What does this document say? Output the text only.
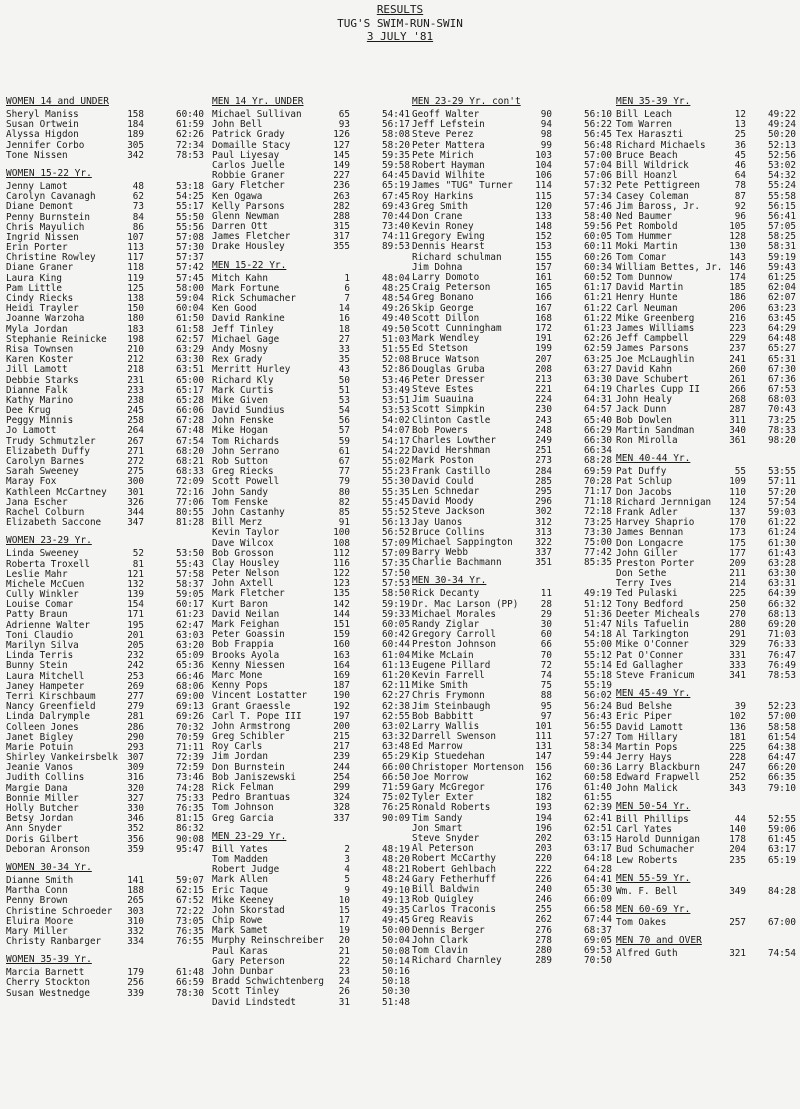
RESULTS
TUG'S SWIM-RUN-SWIN
3 JULY '81
WOMEN 14 and UNDER
Sheryl Maniss	158	60:40
Susan Ortwein	184	61:59
Alyssa Higdon	189	62:26
Jennifer Corbo	305	72:34
Tone Nissen	342	78:53
WOMEN 15-22 Yr.
Jenny Lamot	48	53:18
Carolyn Cavanagh	62	54:25
Diane Demont	73	55:17
Penny Burnstein	84	55:50
Chris Mayulich	86	55:56
Ingrid Nissen	107	57:08
Erin Porter	113	57:30
Christine Rowley	117	57:37
Diane Graner	118	57:42
Laura King	119	57:45
Pam Little	125	58:00
Cindy Riecks	138	59:04
Heidi Trayler	150	60:04
Joanne Warzoha	180	61:50
Myla Jordan	183	61:58
Stephanie Reinicke	198	62:57
Risa Townsen	210	63:29
Karen Koster	212	63:30
Jill Lamott	218	63:51
Debbie Starks	231	65:00
Dianne Falk	233	65:17
Kathy Marino	238	65:28
Dee Krug	245	66:06
Peggy Minnis	258	67:28
Jo Lamott	264	67:48
Trudy Schmutzler	267	67:54
Elizabeth Duffy	271	68:20
Carolyn Barnes	272	68:21
Sarah Sweeney	275	68:33
Maray Fox	300	72:09
Kathleen McCartney	301	72:16
Jana Escher	326	77:06
Rachel Colburn	344	80:55
Elizabeth Saccone	347	81:28
WOMEN 23-29 Yr.
Linda Sweeney	52	53:50
Roberta Troxell	81	55:43
Leslie Mahr	121	57:58
Michele McCuen	132	58:37
Cully Winkler	139	59:05
Louise Comar	154	60:17
Patty Braun	171	61:23
Adrienne Walter	195	62:47
Toni Claudio	201	63:03
Marilyn Silva	205	63:20
Linda Terris	232	65:09
Bunny Stein	242	65:36
Laura Mitchell	253	66:46
Janey Hampeter	269	68:06
Terri Kirschbaum	277	69:00
Nancy Greenfield	279	69:13
Linda Dalrymple	281	69:26
Colleen Jones	286	70:32
Janet Bigley	290	70:59
Marie Potuin	293	71:11
Shirley Vankeirsbelk 307	72:39
Jeanie Vanos	309	72:59
Judith Collins	316	73:46
Margie Dana	320	74:28
Bonnie Miller	327	75:33
Holly Butcher	330	76:35
Betsy Jordan	346	81:15
Ann Snyder	352	86:32
Doris Gilbert	356	90:08
Deboran Aronson	359	95:47
WOMEN 30-34 Yr.
Dianne Smith	141	59:07
Martha Conn	188	62:15
Penny Brown	265	67:52
Christine Schroeder	303	72:22
Eluira Moore	310	73:05
Mary Miller	332	76:35
Christy Ranbarger	334	76:55
WOMEN 35-39 Yr.
Marcia Barnett	179	61:48
Cherry Stockton	256	66:59
Susan Westnedge	339	78:30
MEN 14 Yr. UNDER
Michael Sullivan	65	54:41
John Bell	93	56:17
Patrick Grady	126	58:08
Domaille Stacy	127	58:20
Paul Liyesay	145	59:35
Carlos Juelle	149	59:58
Robbie Graner	227	64:45
Gary Fletcher	236	65:19
Ken Ogawa	263	67:45
Kelly Parsons	282	69:43
Glenn Newman	288	70:44
Darren Ott	315	73:40
James Fletcher	317	74:11
Drake Housley	355	89:53
MEN 15-22 Yr.
Mitch Kahn	1	48:04
Mark Fortune	6	48:25
Rick Schumacher	7	48:54
Ken Good	14	49:26
David Rankine	16	49:40
Jeff Tinley	18	49:50
Michael Gage	27	51:03
Andy Mosny	33	51:55
Rex Grady	35	52:08
Merritt Hurley	43	52:86
Richard Kly	50	53:46
Mark Curtis	51	53:49
Mike Given	53	53:51
David Sundius	54	53:53
John Fenske	56	54:02
Mike Hogan	57	54:07
Tom Richards	59	54:17
John Serrano	61	54:22
Rob Sutton	67	55:02
Greg Riecks	77	55:23
Scott Powell	79	55:30
John Sandy	80	55:35
Tom Fenske	82	55:45
John Castanhy	85	55:52
Bill Merz	91	56:13
Kevin Taylor	100	56:52
Dave Wilcox	108	57:09
Bob Grosson	112	57:09
Clay Housley	116	57:35
Peter Nelson	122	57:50
John Axtell	123	57:53
Mark Fletcher	135	58:50
Kurt Baron	142	59:19
David Neilan	144	59:33
Mark Feighan	151	60:05
Peter Goassin	159	60:42
Bob Frappia	160	60:44
Brooks Ayola	163	61:04
Kenny Niessen	164	61:13
Marc Mone	169	61:20
Kenny Pops	187	62:11
Vincent Lostatter	190	62:27
Grant Graessle	192	62:38
Carl T. Pope III	197	62:55
John Armstrong	200	63:02
Greg Schibler	215	63:32
Roy Carls	217	63:48
Jim Jordan	239	65:29
Don Burnstein	244	66:00
Bob Janiszewski	254	66:50
Rick Felman	299	71:59
Pedro Brantuas	324	75:02
Tom Johnson	328	76:25
Greg Garcia	337	90:09
MEN 23-29 Yr.
Bill Yates	2	48:19
Tom Madden	3	48:20
Robert Judge	4	48:21
Mark Allen	5	48:24
Eric Taque	9	49:10
Mike Keeney	10	49:13
John Skorstad	15	49:35
Chip Rowe	17	49:45
Mark Samet	19	50:00
Murphy Reinschreiber	20	50:04
Paul Karas	21	50:08
Gary Peterson	22	50:14
John Dunbar	23	50:16
Bradd Schwichtenberg	24	50:18
Scott Tinley	26	50:30
David Lindstedt	31	51:48
MEN 23-29 Yr. con't
Geoff Walter	90	56:10
Jeff Lefstein	94	56:22
Steve Perez	98	56:45
Peter Mattera	99	56:48
Pete Mirich	103	57:00
Robert Hayman	104	57:04
David Wilhite	106	57:06
James "TUG" Turner	114	57:32
Roy Harkins	115	57:34
Greg Smith	120	57:46
Don Crane	133	58:40
Kevin Roney	148	59:56
Gregory Ewing	152	60:05
Dennis Hearst	153	60:11
Richard schulman	155	60:26
Jim Dohna	157	60:34
Larry Domoto	161	60:52
Craig Peterson	165	61:17
Greg Bonano	166	61:21
Skip George	167	61:22
Scott Dillon	168	61:22
Scott Cunningham	172	61:23
Mark Wendley	191	62:26
Ed Stetson	199	62:59
Bruce Watson	207	63:25
Douglas Gruba	208	63:27
Peter Dresser	213	63:30
Steve Estes	221	64:19
Jim Suauina	224	64:31
Scott Simpkin	230	64:57
Clinton Castle	243	65:40
Bob Powers	248	66:29
Charles Lowther	249	66:30
David Hershman	251	66:34
Mark Poston	273	68:28
Frank Castillo	284	69:59
David Could	285	70:28
Len Schnedar	295	71:17
David Moody	296	71:18
Steve Jackson	302	72:18
Jay Uanos	312	73:25
Bruce Collins	313	73:30
Michael Sappington	322	75:00
Barry Webb	337	77:42
Charlie Bachmann	351	85:35
MEN 30-34 Yr.
Rick Decanty	11	49:19
Dr. Mac Larson (PP)	28	51:12
Michael Morales	29	51:36
Randy Ziglar	30	51:47
Gregory Carroll	60	54:18
Preston Johnson	66	55:00
Mike McLain	70	55:12
Eugene Pillard	72	55:14
Kevin Farrell	74	55:18
Mike Smith	75	55:19
Chris Frymonn	88	56:02
Jim Steinbaugh	95	56:24
Bob Babbitt	97	56:43
Larry Wallis	101	56:55
Darrell Swenson	111	57:27
Ed Marrow	131	58:34
Kip Stuedehan	147	59:44
Christoper Mortenson	156	60:36
Joe Morrow	162	60:58
Gary McGregor	176	61:40
Tyler Exter	182	61:55
Ronald Roberts	193	62:39
Tim Sandy	194	62:41
Jon Smart	196	62:51
Steve Snyder	202	63:15
Al Peterson	203	63:17
Robert McCarthy	220	64:18
Robert Gehlbach	222	64:28
Gary Fetherhuff	226	64:41
Bill Baldwin	240	65:30
Rob Quigley	246	66:09
Carlos Traconis	255	66:58
Greg Reavis	262	67:44
Dennis Berger	276	68:37
John Clark	278	69:05
Tom Clavin	280	69:53
Richard Charnley	289	70:50
MEN 35-39 Yr.
Bill Leach	12 49:22
Tom Warren	13 49:24
Tex Haraszti	25 50:20
Richard Michaels	36 52:13
Bruce Beach	45 52:56
Bill Wildrick	46 53:02
Bill Hoanzl	64 54:32
Pete Pettigreen	78 55:24
Casey Coleman	87 55:58
Jim Baross, Jr.	92 56:15
Ned Baumer	96 56:41
Pet Rombold	105 57:05
Tom Hummer	128 58:25
Moki Martin	130 58:31
Tom Comar	143 59:19
William Bettes, Jr. 146 59:43
Tom Dunnow	174 61:25
David Martin	185 62:04
Henry Hunte	186 62:07
Carl Neuman	206 63:23
Mike Greenberg	216 63:45
James Williams	223 64:29
Jeff Campbell	229 64:48
James Parsons	237 65:27
Joe McLaughlin	241 65:31
David Kahn	260 67:30
Dave Schubert	261 67:36
Charles Cupp II	266 67:53
John Healy	268 68:03
Jack Dunn	287 70:43
Bob Dowlen	311 73:25
Martin Sandman	340 78:33
Ron Mirolla	361 98:20
MEN 40-44 Yr.
Pat Duffy	55 53:55
Pat Schlup	109 57:11
Don Jacobs	110 57:20
Richard Jernnigan	124 57:54
Frank Adler	137 59:03
Harvey Shaprio	170 61:22
James Bennan	173 61:24
Don Longacre	175 61:30
John Giller	177 61:43
Preston Porter	209 63:28
Don Sethe	211 63:30
Terry Ives	214 63:31
Ted Pulaski	225 64:39
Tony Bedford	250 66:32
Deeter Micheals	270 68:13
Nils Tafuelin	280 69:20
Al Tarkington	291 71:03
Mike O'Conner	329 76:33
Pat O'Conner	331 76:47
Ed Gallagher	333 76:49
Steve Franicum	341 78:53
MEN 45-49 Yr.
Bud Belshe	39 52:23
Eric Piper	102 57:00
David Lamott	136 58:58
Tom Hillary	181 61:54
Martin Pops	225 64:38
Jerry Hays	228 64:47
Larry Blackburn	247 66:20
Edward Frapwell	252 66:35
John Malick	343 79:10
MEN 50-54 Yr.
Bill Phillips	44 52:55
Carl Yates	140 59:06
Harold Dunnigan	178 61:45
Bud Schumacher	204 63:17
Lew Roberts	235 65:19
MEN 55-59 Yr.
Wm. F. Bell	349 84:28
MEN 60-69 Yr.
Tom Oakes	257 67:00
MEN 70 and OVER
Alfred Guth	321 74:54
